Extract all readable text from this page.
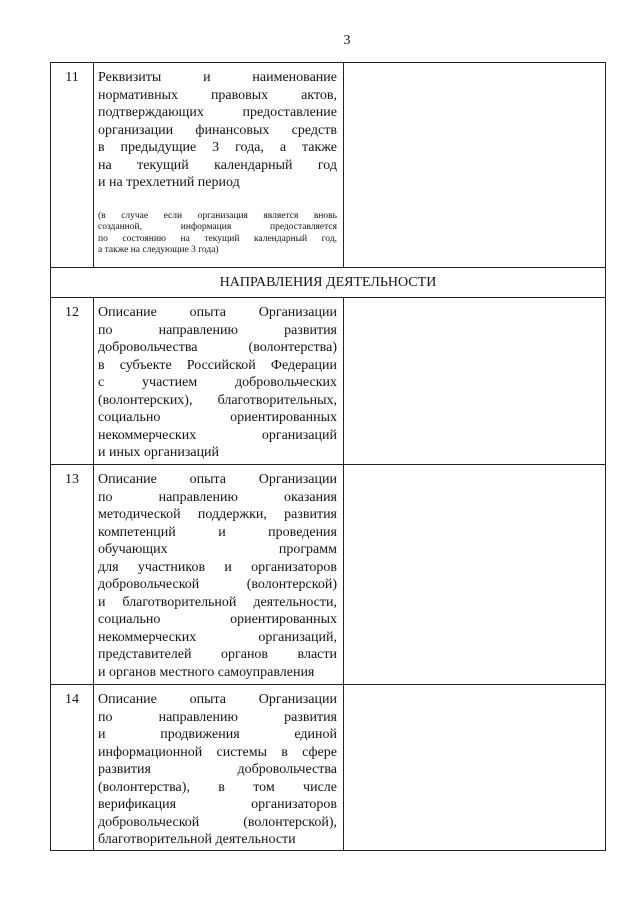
3
11	Реквизиты и наименование
нормативных правовых актов,
подтверждающих предоставление
организации финансовых средств
в предыдущие 3 года, а также
на текущий календарный год
и на трехлетний период
(в случае если организация является вновь
созданной, информация предоставляется
по состоянию на текущий календарный год,
а также на следующие 3 года)
НАПРАВЛЕНИЯ ДЕЯТЕЛЬНОСТИ
12	Описание опыта Организации
по направлению развития
добровольчества (волонтерства)
в субъекте Российской Федерации
с участием добровольческих
(волонтерских), благотворительных,
социально ориентированных
некоммерческих организаций
и иных организаций
13	Описание опыта Организации
по направлению оказания
методической поддержки, развития
компетенций и проведения
обучающих программ
для участников и организаторов
добровольческой (волонтерской)
и благотворительной деятельности,
социально ориентированных
некоммерческих организаций,
представителей органов власти
и органов местного самоуправления
14	Описание опыта Организации
по направлению развития
и продвижения единой
информационной системы в сфере
развития добровольчества
(волонтерства), в том числе
верификация организаторов
добровольческой (волонтерской),
благотворительной деятельности
